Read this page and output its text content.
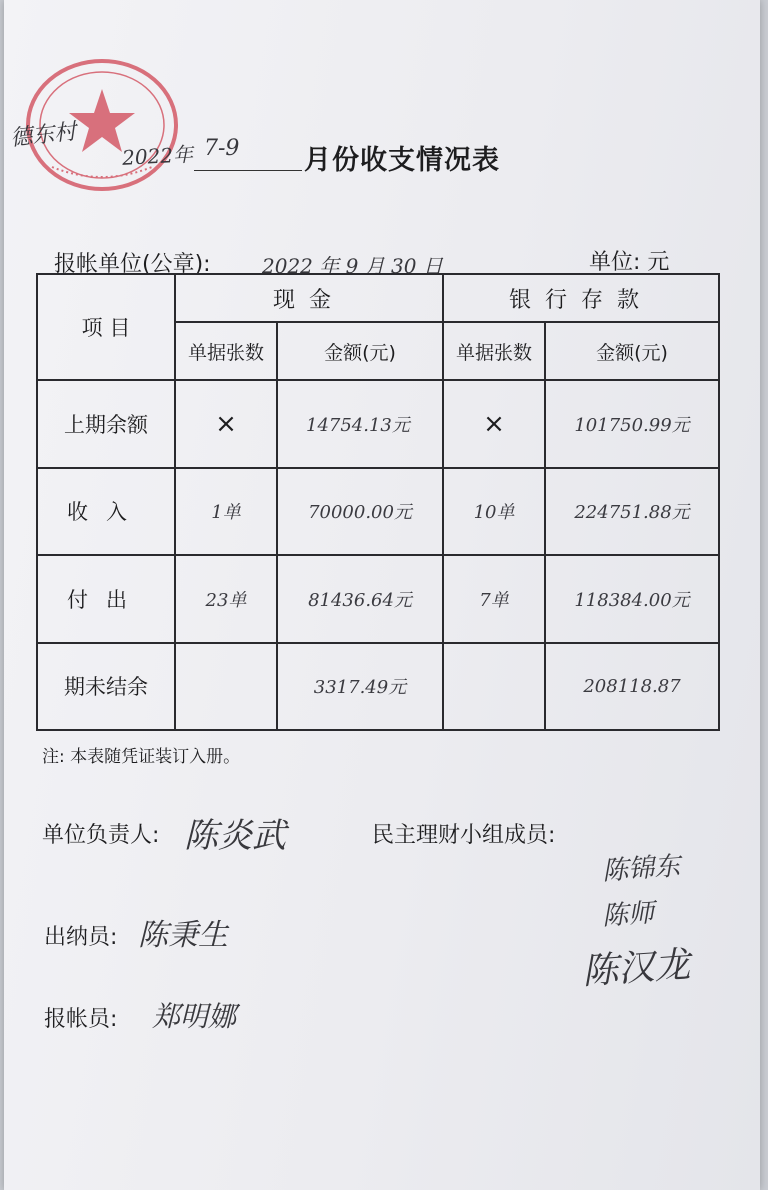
德东村
2022年 7-9 月份收支情况表
报帐单位(公章):	2022 年 9 月 30 日	单位: 元
项 目	现金		银行存款	
	单据张数	金额(元)	单据张数	金额(元)
上期余额	×	14754.13元	×	101750.99元
收入	1单	70000.00元	10单	224751.88元
付出	23单	81436.64元	7单	118384.00元
期未结余		3317.49元		208118.87
注: 本表随凭证装订入册。
单位负责人: 陈炎武	民主理财小组成员:
陈锦东
陈师
陈汉龙
出纳员: 陈秉生
报帐员: 郑明娜
